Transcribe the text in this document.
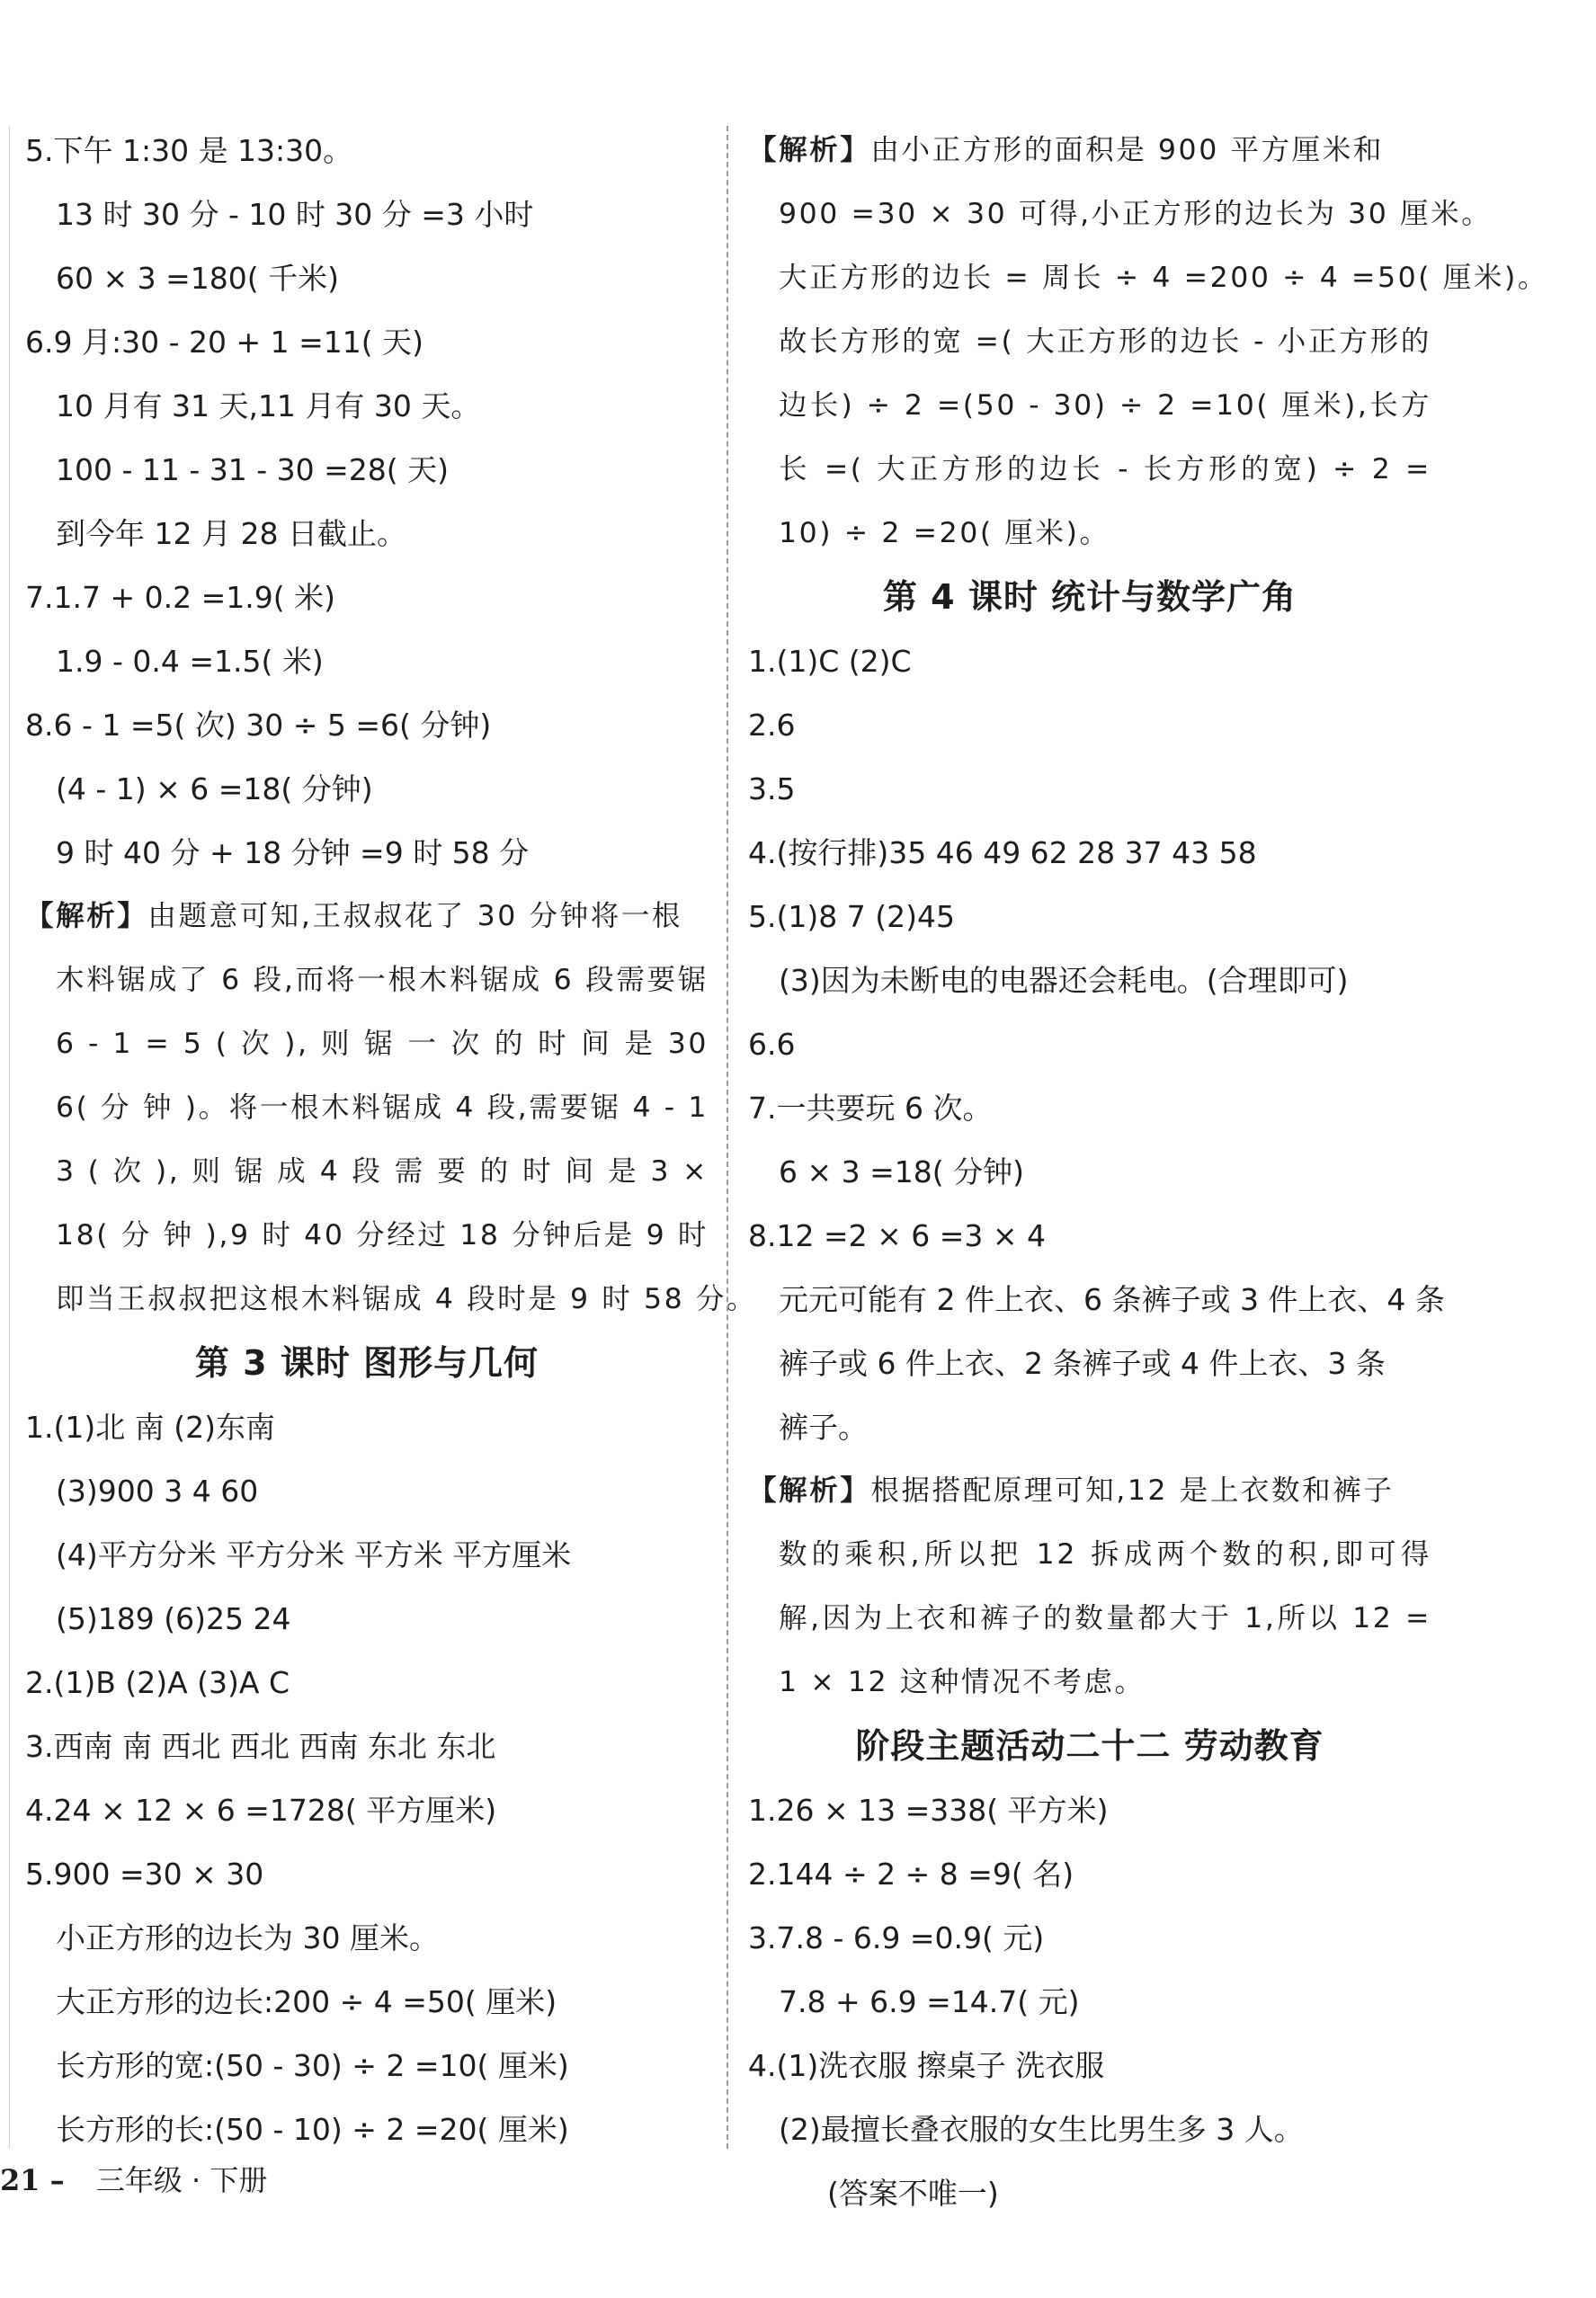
5.下午 1:30 是 13:30。
13 时 30 分 - 10 时 30 分 =3 小时
60 × 3 =180( 千米)
6.9 月:30 - 20 + 1 =11( 天)
10 月有 31 天,11 月有 30 天。
100 - 11 - 31 - 30 =28( 天)
到今年 12 月 28 日截止。
7.1.7 + 0.2 =1.9( 米)
1.9 - 0.4 =1.5( 米)
8.6 - 1 =5( 次) 30 ÷ 5 =6( 分钟)
(4 - 1) × 6 =18( 分钟)
9 时 40 分 + 18 分钟 =9 时 58 分
【解析】由题意可知,王叔叔花了 30 分钟将一根
木料锯成了 6 段,而将一根木料锯成 6 段需要锯
6 - 1 = 5 ( 次 ), 则 锯 一 次 的 时 间 是 30
6( 分 钟 )。将一根木料锯成 4 段,需要锯 4 - 1
3 ( 次 ), 则 锯 成 4 段 需 要 的 时 间 是 3 ×
18( 分 钟 ),9 时 40 分经过 18 分钟后是 9 时
即当王叔叔把这根木料锯成 4 段时是 9 时 58 分。
第 3 课时 图形与几何
1.(1)北 南 (2)东南
(3)900 3 4 60
(4)平方分米 平方分米 平方米 平方厘米
(5)189 (6)25 24
2.(1)B (2)A (3)A C
3.西南 南 西北 西北 西南 东北 东北
4.24 × 12 × 6 =1728( 平方厘米)
5.900 =30 × 30
小正方形的边长为 30 厘米。
大正方形的边长:200 ÷ 4 =50( 厘米)
长方形的宽:(50 - 30) ÷ 2 =10( 厘米)
长方形的长:(50 - 10) ÷ 2 =20( 厘米)
【解析】由小正方形的面积是 900 平方厘米和
900 =30 × 30 可得,小正方形的边长为 30 厘米。
大正方形的边长 = 周长 ÷ 4 =200 ÷ 4 =50( 厘米)。
故长方形的宽 =( 大正方形的边长 - 小正方形的
边长) ÷ 2 =(50 - 30) ÷ 2 =10( 厘米),长方
长 =( 大正方形的边长 - 长方形的宽) ÷ 2 =
10) ÷ 2 =20( 厘米)。
第 4 课时 统计与数学广角
1.(1)C (2)C
2.6
3.5
4.(按行排)35 46 49 62 28 37 43 58
5.(1)8 7 (2)45
(3)因为未断电的电器还会耗电。(合理即可)
6.6
7.一共要玩 6 次。
6 × 3 =18( 分钟)
8.12 =2 × 6 =3 × 4
元元可能有 2 件上衣、6 条裤子或 3 件上衣、4 条
裤子或 6 件上衣、2 条裤子或 4 件上衣、3 条
裤子。
【解析】根据搭配原理可知,12 是上衣数和裤子
数的乘积,所以把 12 拆成两个数的积,即可得
解,因为上衣和裤子的数量都大于 1,所以 12 =
1 × 12 这种情况不考虑。
阶段主题活动二十二 劳动教育
1.26 × 13 =338( 平方米)
2.144 ÷ 2 ÷ 8 =9( 名)
3.7.8 - 6.9 =0.9( 元)
7.8 + 6.9 =14.7( 元)
4.(1)洗衣服 擦桌子 洗衣服
(2)最擅长叠衣服的女生比男生多 3 人。
(答案不唯一)
21 – 三年级 · 下册
